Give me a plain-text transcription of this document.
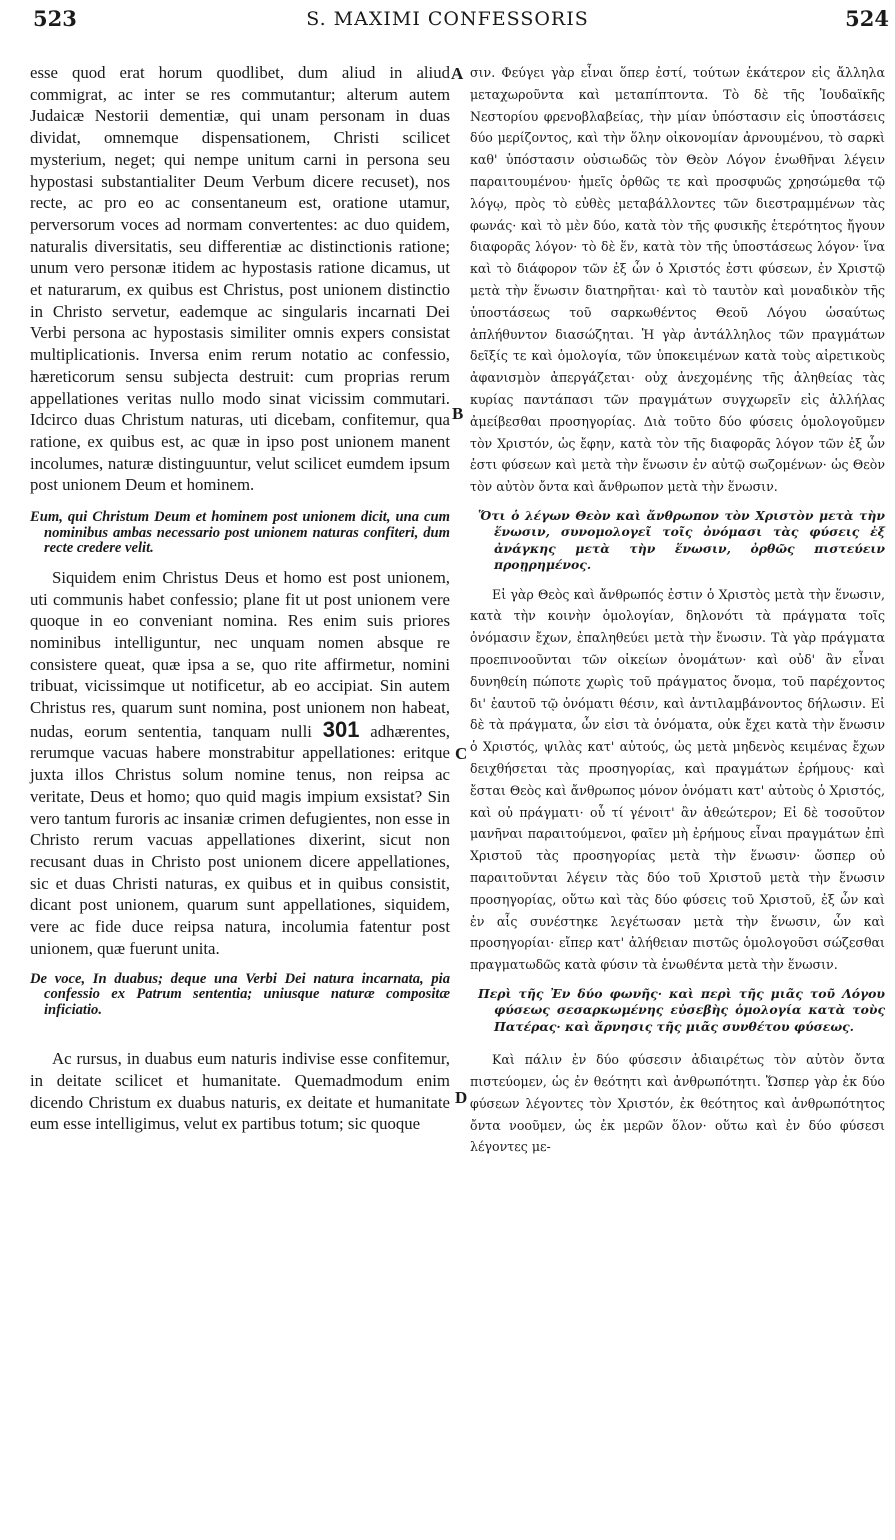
523	S. MAXIMI CONFESSORIS	524
A
B
C
D

esse quod erat horum quodlibet, dum aliud in aliud commigrat, ac inter se res commutantur; alterum autem Judaicæ Nestorii dementiæ, qui unam personam in duas dividat, omnemque dispensationem, Christi scilicet mysterium, neget; qui nempe unitum carni in persona seu hypostasi substantialiter Deum Verbum dicere recuset), nos recte, ac pro eo ac consentaneum est, oratione utamur, perversorum voces ad normam convertentes: ac duo quidem, naturalis diversitatis, seu differentiæ ac distinctionis ratione; unum vero personæ itidem ac hypostasis ratione dicamus, ut et naturarum, ex quibus est Christus, post unionem distinctio in Christo servetur, eademque ac singularis incarnati Dei Verbi persona ac hypostasis similiter omnis expers consistat multiplicationis. Inversa enim rerum notatio ac confessio, hæreticorum sensu subjecta destruit: cum proprias rerum appellationes veritas nullo modo sinat vicissim commutari. Idcirco duas Christum naturas, uti dicebam, confitemur, qua ratione, ex quibus est, ac quæ in ipso post unionem manent incolumes, naturæ distinguuntur, velut scilicet eumdem ipsum post unionem Deum et hominem.

Eum, qui Christum Deum et hominem post unionem dicit, una cum nominibus ambas necessario post unionem naturas confiteri, dum recte credere velit.

Siquidem enim Christus Deus et homo est post unionem, uti communis habet confessio; plane fit ut post unionem vere quoque in eo conveniant nomina. Res enim suis priores nominibus intelliguntur, nec unquam nomen absque re consistere queat, quæ ipsa a se, quo rite affirmetur, nomini tribuat, vicissimque ut notificetur, ab eo accipiat. Sin autem Christus res, quarum sunt nomina, post unionem non habeat, nudas, eorum sententia, tanquam nulli 301 adhærentes, rerumque vacuas habere monstrabitur appellationes: eritque juxta illos Christus solum nomine tenus, non reipsa ac veritate, Deus et homo; quo quid magis impium exsistat? Sin vero tantum furoris ac insaniæ crimen defugientes, non esse in Christo rerum vacuas appellationes dixerint, sicut non recusant duas in Christo post unionem dicere appellationes, sic et duas Christi naturas, ex quibus et in quibus consistit, dicant post unionem, quarum sunt appellationes, siquidem, vere ac fide duce reipsa natura, incolumia fatentur post unionem, quæ fuerunt unita.

De voce, In duabus; deque una Verbi Dei natura incarnata, pia confessio ex Patrum sententia; uniusque naturæ compositæ inficiatio.

Ac rursus, in duabus eum naturis indivise esse confitemur, in deitate scilicet et humanitate. Quemadmodum enim dicendo Christum ex duabus naturis, ex deitate et humanitate eum esse intelligimus, velut ex partibus totum; sic quoque

σιν. Φεύγει γὰρ εἶναι ὅπερ ἐστί, τούτων ἑκάτερον εἰς ἄλληλα μεταχωροῦντα καὶ μεταπίπτοντα. Τὸ δὲ τῆς Ἰουδαϊκῆς Νεστορίου φρενοβλαβείας, τὴν μίαν ὑπόστασιν εἰς ὑποστάσεις δύο μερίζοντος, καὶ τὴν ὅλην οἰκονομίαν ἀρνουμένου, τὸ σαρκὶ καθ' ὑπόστασιν οὐσιωδῶς τὸν Θεὸν Λόγον ἑνωθῆναι λέγειν παραιτουμένου· ἡμεῖς ὀρθῶς τε καὶ προσφυῶς χρησώμεθα τῷ λόγῳ, πρὸς τὸ εὐθὲς μεταβάλλοντες τῶν διεστραμμένων τὰς φωνάς· καὶ τὸ μὲν δύο, κατὰ τὸν τῆς φυσικῆς ἑτερότητος ἤγουν διαφορᾶς λόγον· τὸ δὲ ἕν, κατὰ τὸν τῆς ὑποστάσεως λόγον· ἵνα καὶ τὸ διάφορον τῶν ἐξ ὧν ὁ Χριστός ἐστι φύσεων, ἐν Χριστῷ μετὰ τὴν ἕνωσιν διατηρῆται· καὶ τὸ ταυτὸν καὶ μοναδικὸν τῆς ὑποστάσεως τοῦ σαρκωθέντος Θεοῦ Λόγου ὡσαύτως ἀπλήθυντον διασώζηται. Ἡ γὰρ ἀντάλληλος τῶν πραγμάτων δεῖξίς τε καὶ ὁμολογία, τῶν ὑποκειμένων κατὰ τοὺς αἱρετικοὺς ἀφανισμὸν ἀπεργάζεται· οὐχ ἀνεχομένης τῆς ἀληθείας τὰς κυρίας παντάπασι τῶν πραγμάτων συγχωρεῖν εἰς ἀλλήλας ἀμείβεσθαι προσηγορίας. Διὰ τοῦτο δύο φύσεις ὁμολογοῦμεν τὸν Χριστόν, ὡς ἔφην, κατὰ τὸν τῆς διαφορᾶς λόγον τῶν ἐξ ὧν ἐστι φύσεων καὶ μετὰ τὴν ἕνωσιν ἐν αὐτῷ σωζομένων· ὡς Θεὸν τὸν αὐτὸν ὄντα καὶ ἄνθρωπον μετὰ τὴν ἕνωσιν.

Ὅτι ὁ λέγων Θεὸν καὶ ἄνθρωπον τὸν Χριστὸν μετὰ τὴν ἕνωσιν, συνομολογεῖ τοῖς ὀνόμασι τὰς φύσεις ἐξ ἀνάγκης μετὰ τὴν ἕνωσιν, ὀρθῶς πιστεύειν προῃρημένος.

Εἰ γὰρ Θεὸς καὶ ἄνθρωπός ἐστιν ὁ Χριστὸς μετὰ τὴν ἕνωσιν, κατὰ τὴν κοινὴν ὁμολογίαν, δηλονότι τὰ πράγματα τοῖς ὀνόμασιν ἔχων, ἐπαληθεύει μετὰ τὴν ἕνωσιν. Τὰ γὰρ πράγματα προεπινοοῦνται τῶν οἰκείων ὀνομάτων· καὶ οὐδ' ἂν εἶναι δυνηθείη πώποτε χωρὶς τοῦ πράγματος ὄνομα, τοῦ παρέχοντος δι' ἑαυτοῦ τῷ ὀνόματι θέσιν, καὶ ἀντιλαμβάνοντος δήλωσιν. Εἰ δὲ τὰ πράγματα, ὧν εἰσι τὰ ὀνόματα, οὐκ ἔχει κατὰ τὴν ἕνωσιν ὁ Χριστός, ψιλὰς κατ' αὐτούς, ὡς μετὰ μηδενὸς κειμένας ἔχων δειχθήσεται τὰς προσηγορίας, καὶ πραγμάτων ἐρήμους· καὶ ἔσται Θεὸς καὶ ἄνθρωπος μόνον ὀνόματι κατ' αὐτοὺς ὁ Χριστός, καὶ οὐ πράγματι· οὗ τί γένοιτ' ἂν ἀθεώτερον; Εἰ δὲ τοσοῦτον μανῆναι παραιτούμενοι, φαῖεν μὴ ἐρήμους εἶναι πραγμάτων ἐπὶ Χριστοῦ τὰς προσηγορίας μετὰ τὴν ἕνωσιν· ὥσπερ οὐ παραιτοῦνται λέγειν τὰς δύο τοῦ Χριστοῦ μετὰ τὴν ἕνωσιν προσηγορίας, οὕτω καὶ τὰς δύο φύσεις τοῦ Χριστοῦ, ἐξ ὧν καὶ ἐν αἷς συνέστηκε λεγέτωσαν μετὰ τὴν ἕνωσιν, ὧν καὶ προσηγορίαι· εἴπερ κατ' ἀλήθειαν πιστῶς ὁμολογοῦσι σώζεσθαι πραγματωδῶς κατὰ φύσιν τὰ ἑνωθέντα μετὰ τὴν ἕνωσιν.

Περὶ τῆς Ἐν δύο φωνῆς· καὶ περὶ τῆς μιᾶς τοῦ Λόγου φύσεως σεσαρκωμένης εὐσεβὴς ὁμολογία κατὰ τοὺς Πατέρας· καὶ ἄρνησις τῆς μιᾶς συνθέτου φύσεως.

Καὶ πάλιν ἐν δύο φύσεσιν ἀδιαιρέτως τὸν αὐτὸν ὄντα πιστεύομεν, ὡς ἐν θεότητι καὶ ἀνθρωπότητι. Ὥσπερ γὰρ ἐκ δύο φύσεων λέγοντες τὸν Χριστόν, ἐκ θεότητος καὶ ἀνθρωπότητος ὄντα νοοῦμεν, ὡς ἐκ μερῶν ὅλον· οὕτω καὶ ἐν δύο φύσεσι λέγοντες με-
